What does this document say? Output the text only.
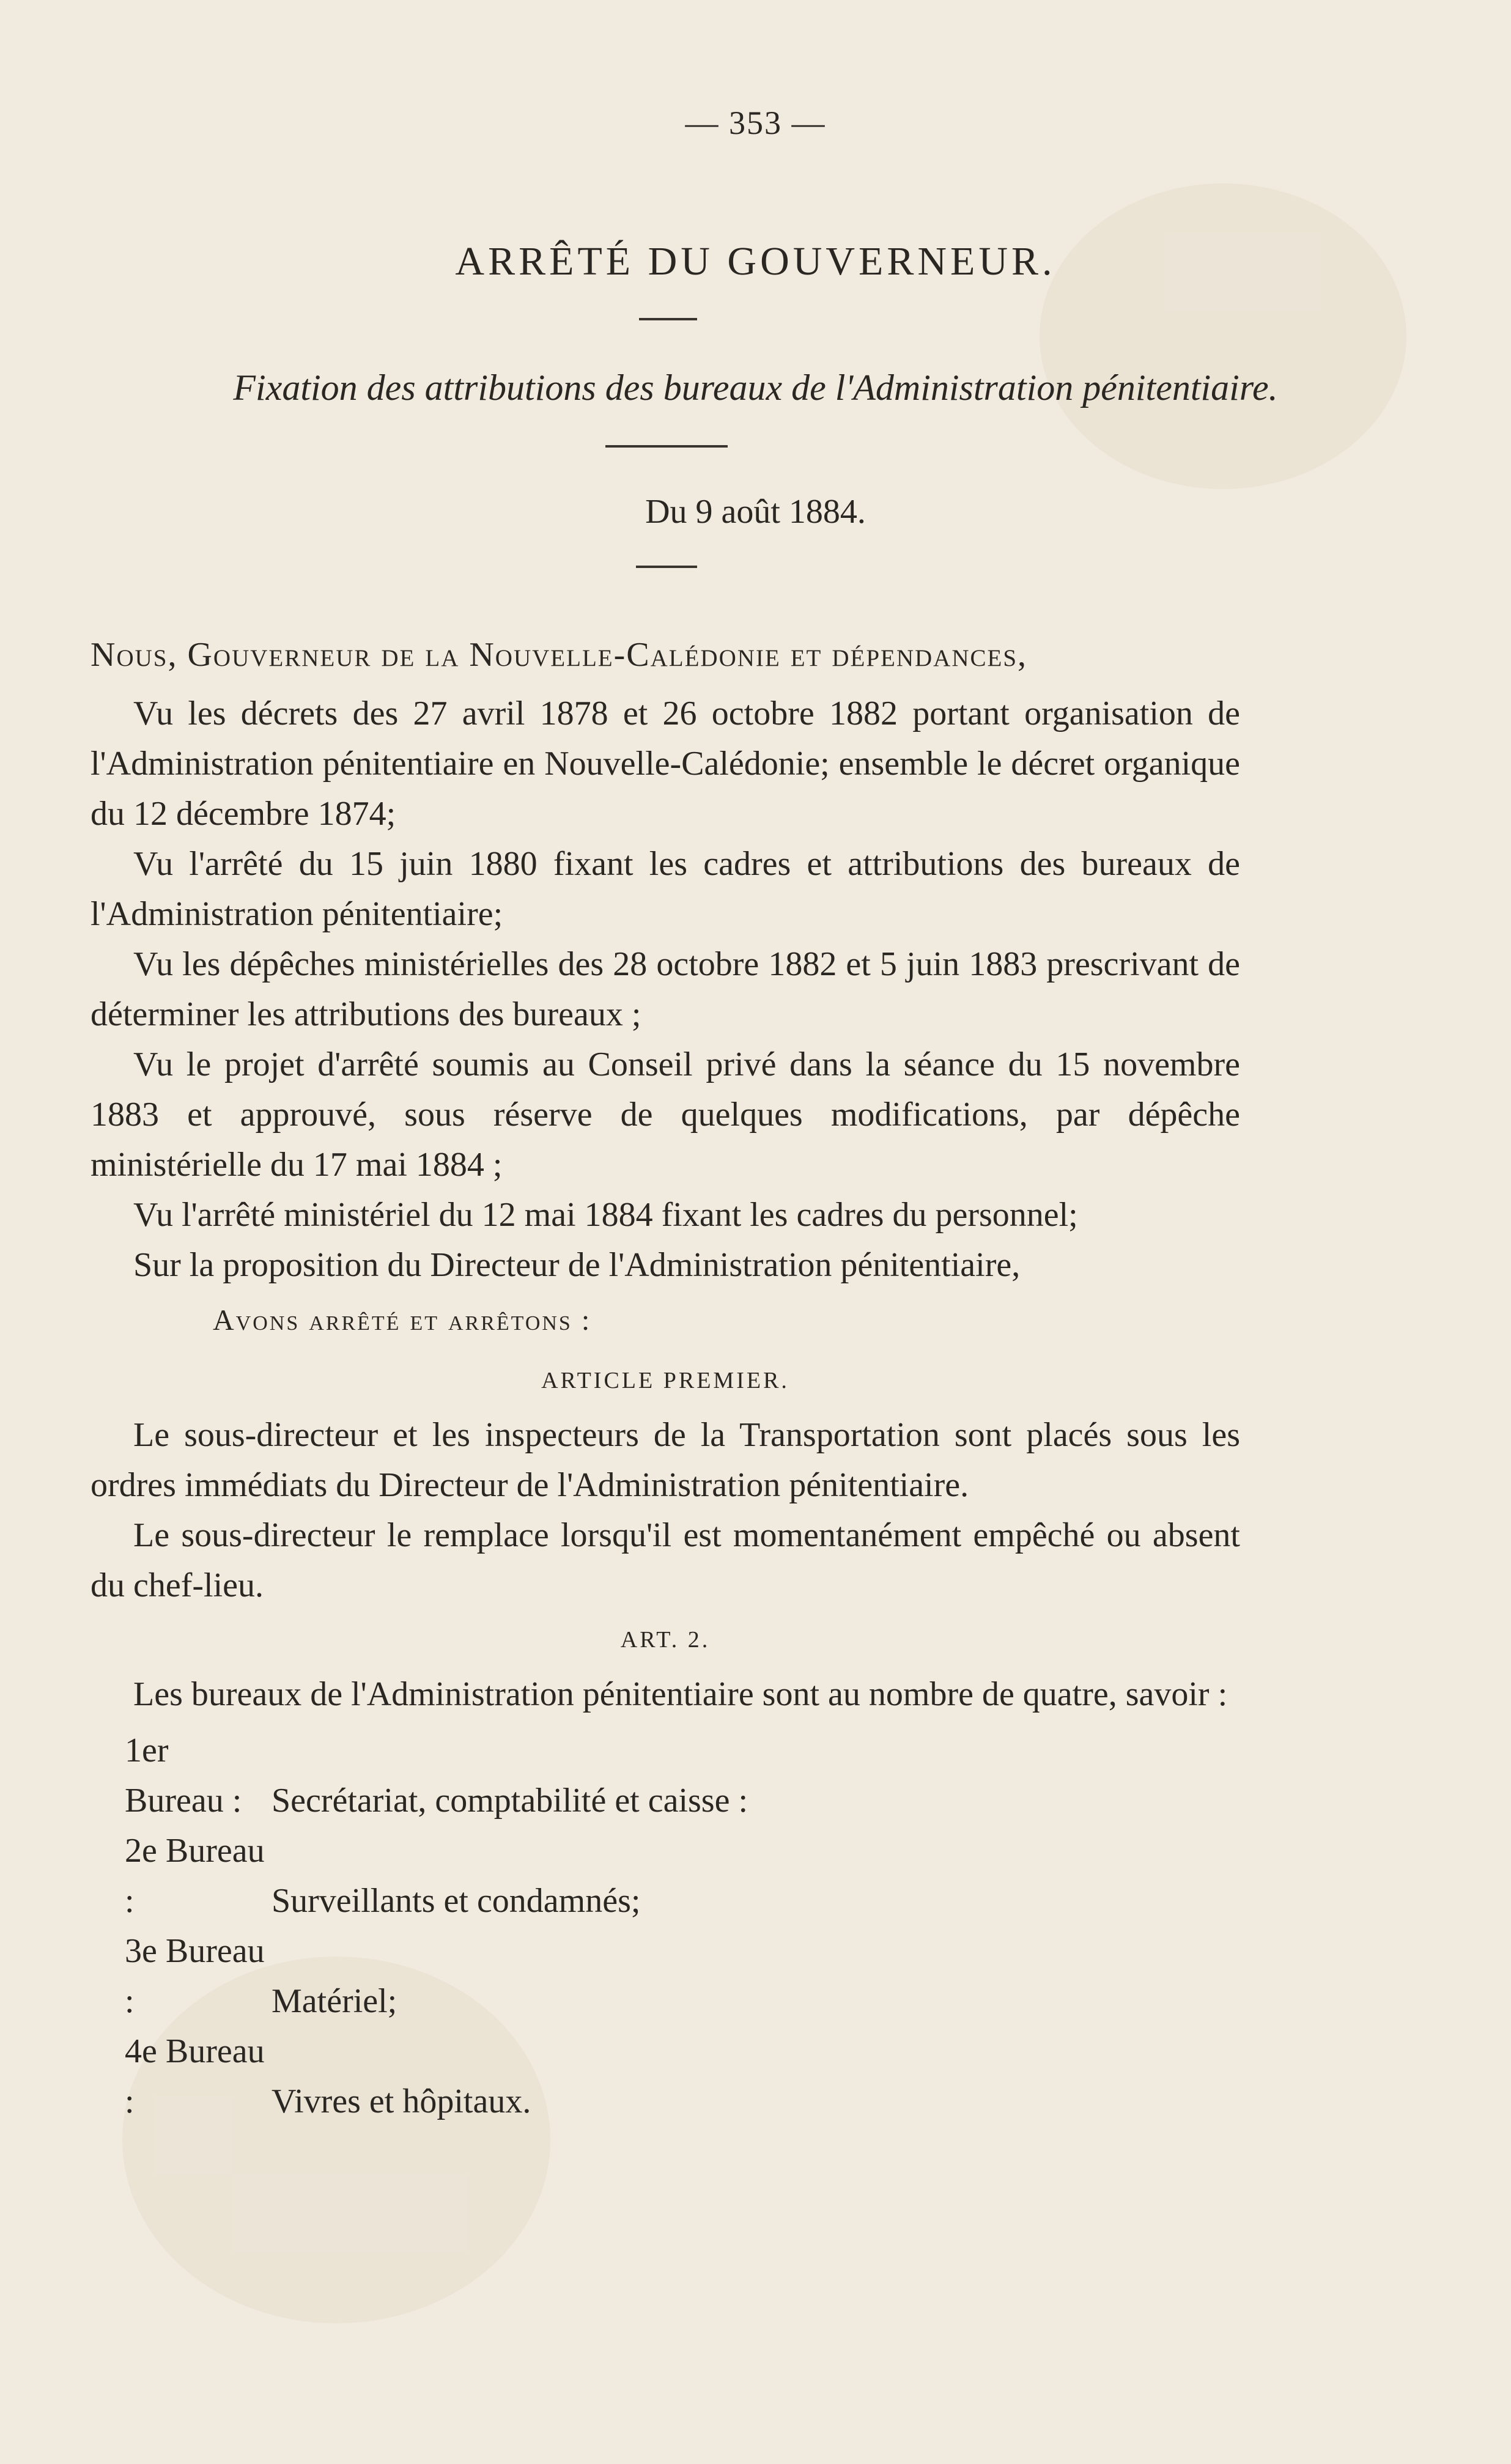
— 353 —
ARRÊTÉ DU GOUVERNEUR.
Fixation des attributions des bureaux de l'Administration pénitentiaire.
Du 9 août 1884.

Nous, Gouverneur de la Nouvelle-Calédonie et dépendances,

Vu les décrets des 27 avril 1878 et 26 octobre 1882 portant organisation de l'Administration pénitentiaire en Nouvelle-Calédonie; ensemble le décret organique du 12 décembre 1874;

Vu l'arrêté du 15 juin 1880 fixant les cadres et attributions des bureaux de l'Administration pénitentiaire;

Vu les dépêches ministérielles des 28 octobre 1882 et 5 juin 1883 prescrivant de déterminer les attributions des bureaux ;

Vu le projet d'arrêté soumis au Conseil privé dans la séance du 15 novembre 1883 et approuvé, sous réserve de quelques modifications, par dépêche ministérielle du 17 mai 1884 ;

Vu l'arrêté ministériel du 12 mai 1884 fixant les cadres du personnel;

Sur la proposition du Directeur de l'Administration pénitentiaire,

Avons arrêté et arrêtons :
ARTICLE PREMIER.

Le sous-directeur et les inspecteurs de la Transportation sont placés sous les ordres immédiats du Directeur de l'Administration pénitentiaire.

Le sous-directeur le remplace lorsqu'il est momentanément empêché ou absent du chef-lieu.

ART. 2.

Les bureaux de l'Administration pénitentiaire sont au nombre de quatre, savoir :

1er Bureau : Secrétariat, comptabilité et caisse :
2e Bureau :	Surveillants et condamnés;
3e Bureau :	Matériel;
4e Bureau :	Vivres et hôpitaux.
